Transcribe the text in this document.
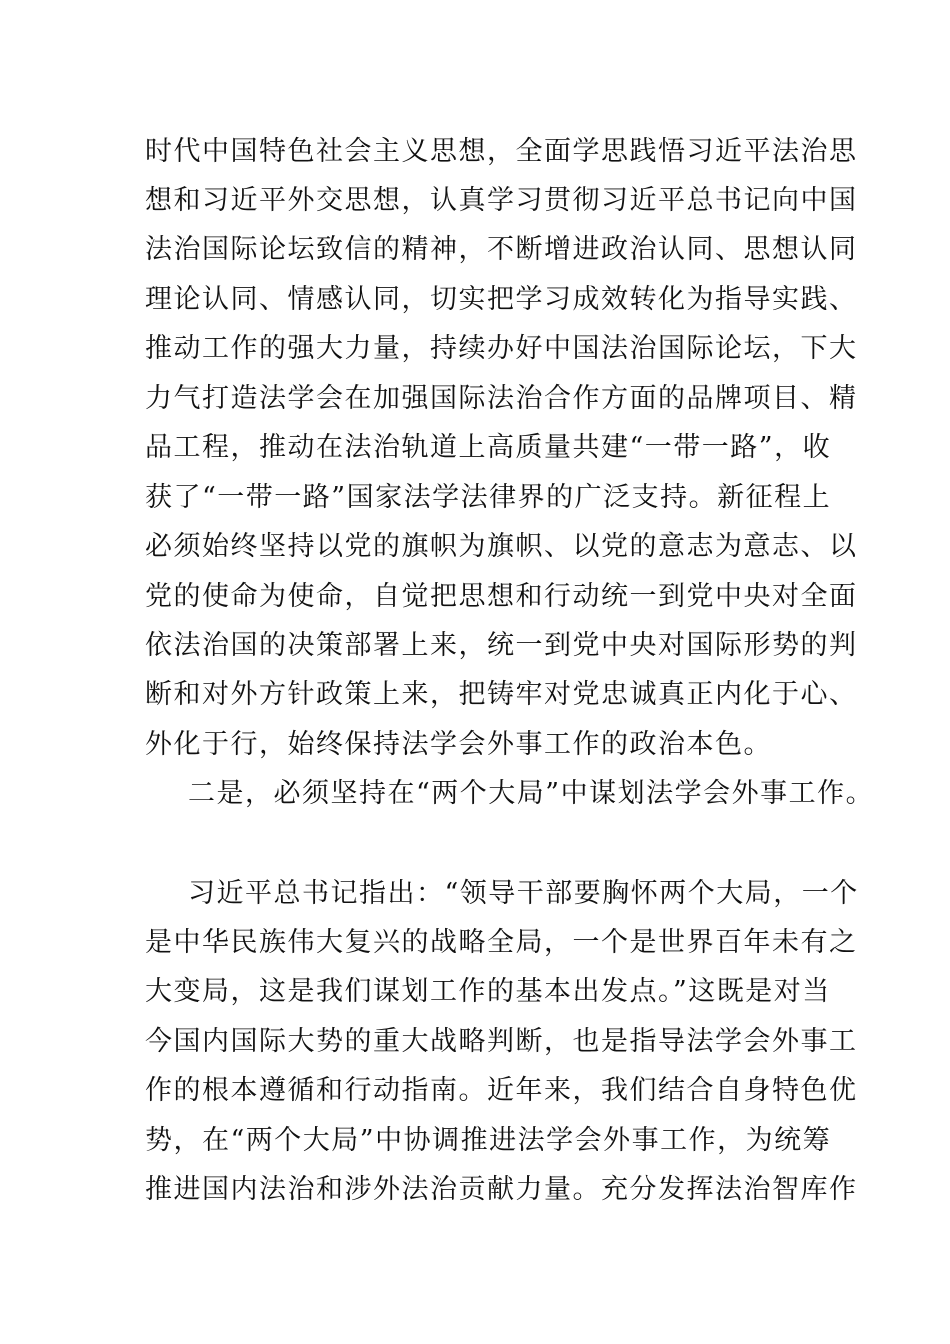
时代中国特色社会主义思想，全面学思践悟习近平法治思
想和习近平外交思想，认真学习贯彻习近平总书记向中国
法治国际论坛致信的精神，不断增进政治认同、思想认同
理论认同、情感认同，切实把学习成效转化为指导实践、
推动工作的强大力量，持续办好中国法治国际论坛，下大
力气打造法学会在加强国际法治合作方面的品牌项目、精
品工程，推动在法治轨道上高质量共建“一带一路”，收
获了“一带一路”国家法学法律界的广泛支持。新征程上
必须始终坚持以党的旗帜为旗帜、以党的意志为意志、以
党的使命为使命，自觉把思想和行动统一到党中央对全面
依法治国的决策部署上来，统一到党中央对国际形势的判
断和对外方针政策上来，把铸牢对党忠诚真正内化于心、
外化于行，始终保持法学会外事工作的政治本色。
二是，必须坚持在“两个大局”中谋划法学会外事工作。
习近平总书记指出：“领导干部要胸怀两个大局，一个
是中华民族伟大复兴的战略全局，一个是世界百年未有之
大变局，这是我们谋划工作的基本出发点。”这既是对当
今国内国际大势的重大战略判断，也是指导法学会外事工
作的根本遵循和行动指南。近年来，我们结合自身特色优
势，在“两个大局”中协调推进法学会外事工作，为统筹
推进国内法治和涉外法治贡献力量。充分发挥法治智库作
